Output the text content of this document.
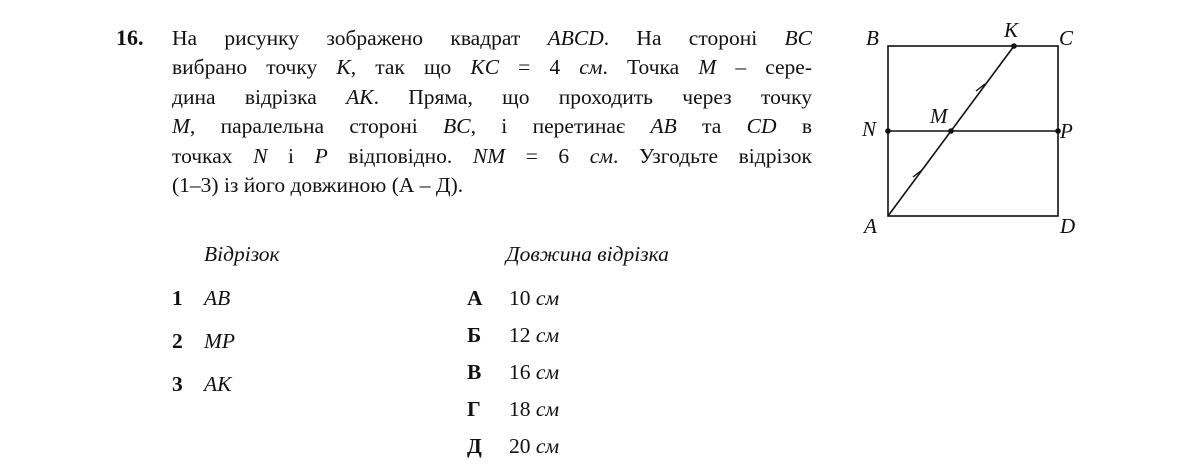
16. На рисунку зображено квадрат ABCD. На стороні BC
вибрано точку K, так що KC = 4 см. Точка M – сере-
дина відрізка AK. Пряма, що проходить через точку
M, паралельна стороні BC, і перетинає AB та CD в
точках N і P відповідно. NM = 6 см. Узгодьте відрізок
(1–3) із його довжиною (А – Д).
Відрізок	Довжина відрізка
1 AB
2 MP
3 AK
А 10 см
Б 12 см
В 16 см
Г 18 см
Д 20 см
B	K C
N
M
P
A	D
